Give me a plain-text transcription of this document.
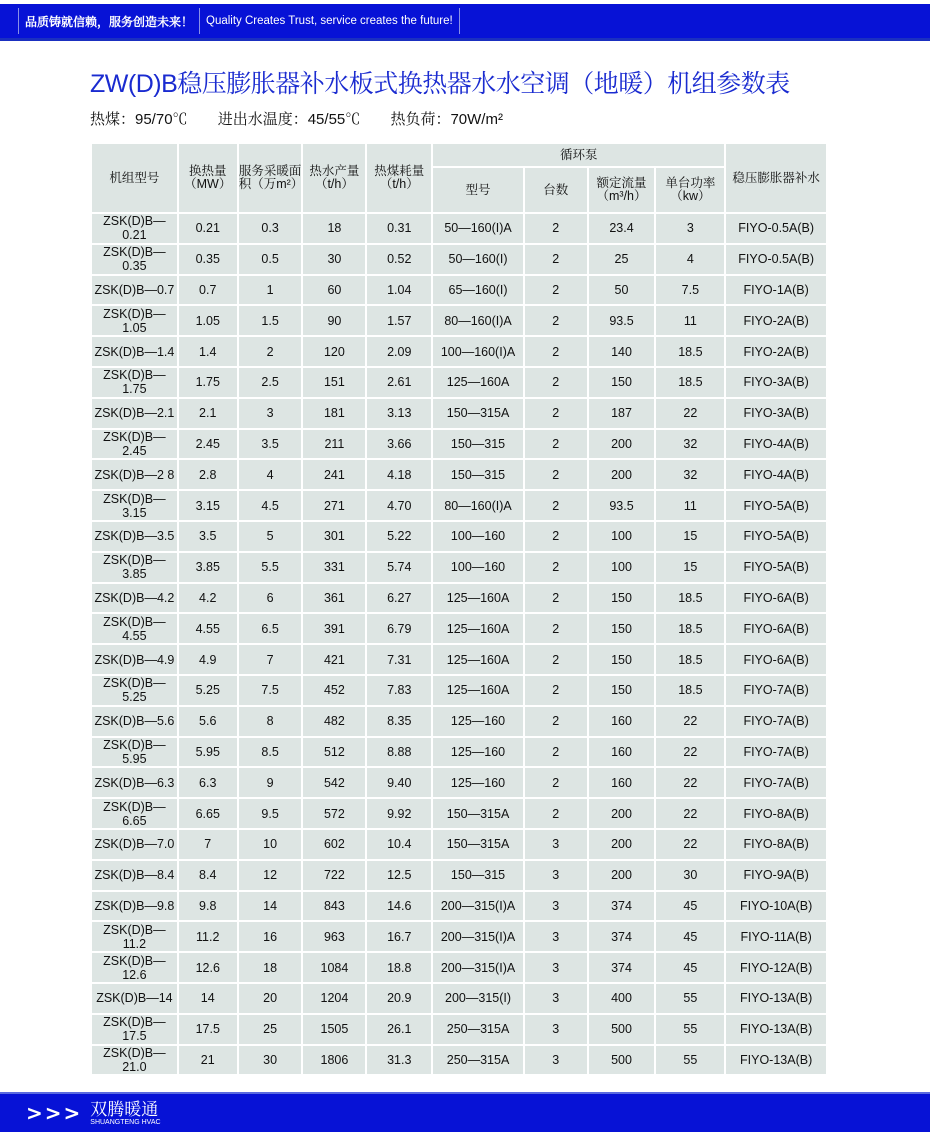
品质铸就信赖，服务创造未来！ Quality Creates Trust, service creates the future!
ZW(D)B稳压膨胀器补水板式换热器水水空调（地暖）机组参数表
热煤：95/70℃ 进出水温度：45/55℃ 热负荷：70W/m²
机组型号	换热量（MW）	服务采暖面积（万m²）	热水产量（t/h）	热煤耗量（t/h）	循环泵				稳压膨胀器补水
					型号	台数	额定流量（m³/h）	单台功率（kw）	
ZSK(D)B—0.21	0.21	0.3	18	0.31	50—160(I)A	2	23.4	3	FIYO-0.5A(B)
ZSK(D)B—0.35	0.35	0.5	30	0.52	50—160(I)	2	25	4	FIYO-0.5A(B)
ZSK(D)B—0.7	0.7	1	60	1.04	65—160(I)	2	50	7.5	FIYO-1A(B)
ZSK(D)B—1.05	1.05	1.5	90	1.57	80—160(I)A	2	93.5	11	FIYO-2A(B)
ZSK(D)B—1.4	1.4	2	120	2.09	100—160(I)A	2	140	18.5	FIYO-2A(B)
ZSK(D)B—1.75	1.75	2.5	151	2.61	125—160A	2	150	18.5	FIYO-3A(B)
ZSK(D)B—2.1	2.1	3	181	3.13	150—315A	2	187	22	FIYO-3A(B)
ZSK(D)B—2.45	2.45	3.5	211	3.66	150—315	2	200	32	FIYO-4A(B)
ZSK(D)B—2 8	2.8	4	241	4.18	150—315	2	200	32	FIYO-4A(B)
ZSK(D)B—3.15	3.15	4.5	271	4.70	80—160(I)A	2	93.5	11	FIYO-5A(B)
ZSK(D)B—3.5	3.5	5	301	5.22	100—160	2	100	15	FIYO-5A(B)
ZSK(D)B—3.85	3.85	5.5	331	5.74	100—160	2	100	15	FIYO-5A(B)
ZSK(D)B—4.2	4.2	6	361	6.27	125—160A	2	150	18.5	FIYO-6A(B)
ZSK(D)B—4.55	4.55	6.5	391	6.79	125—160A	2	150	18.5	FIYO-6A(B)
ZSK(D)B—4.9	4.9	7	421	7.31	125—160A	2	150	18.5	FIYO-6A(B)
ZSK(D)B—5.25	5.25	7.5	452	7.83	125—160A	2	150	18.5	FIYO-7A(B)
ZSK(D)B—5.6	5.6	8	482	8.35	125—160	2	160	22	FIYO-7A(B)
ZSK(D)B—5.95	5.95	8.5	512	8.88	125—160	2	160	22	FIYO-7A(B)
ZSK(D)B—6.3	6.3	9	542	9.40	125—160	2	160	22	FIYO-7A(B)
ZSK(D)B—6.65	6.65	9.5	572	9.92	150—315A	2	200	22	FIYO-8A(B)
ZSK(D)B—7.0	7	10	602	10.4	150—315A	3	200	22	FIYO-8A(B)
ZSK(D)B—8.4	8.4	12	722	12.5	150—315	3	200	30	FIYO-9A(B)
ZSK(D)B—9.8	9.8	14	843	14.6	200—315(I)A	3	374	45	FIYO-10A(B)
ZSK(D)B—11.2	11.2	16	963	16.7	200—315(I)A	3	374	45	FIYO-11A(B)
ZSK(D)B—12.6	12.6	18	1084	18.8	200—315(I)A	3	374	45	FIYO-12A(B)
ZSK(D)B—14	14	20	1204	20.9	200—315(I)	3	400	55	FIYO-13A(B)
ZSK(D)B—17.5	17.5	25	1505	26.1	250—315A	3	500	55	FIYO-13A(B)
ZSK(D)B—21.0	21	30	1806	31.3	250—315A	3	500	55	FIYO-13A(B)
>>> 双腾暖通
SHUANGTENG HVAC
